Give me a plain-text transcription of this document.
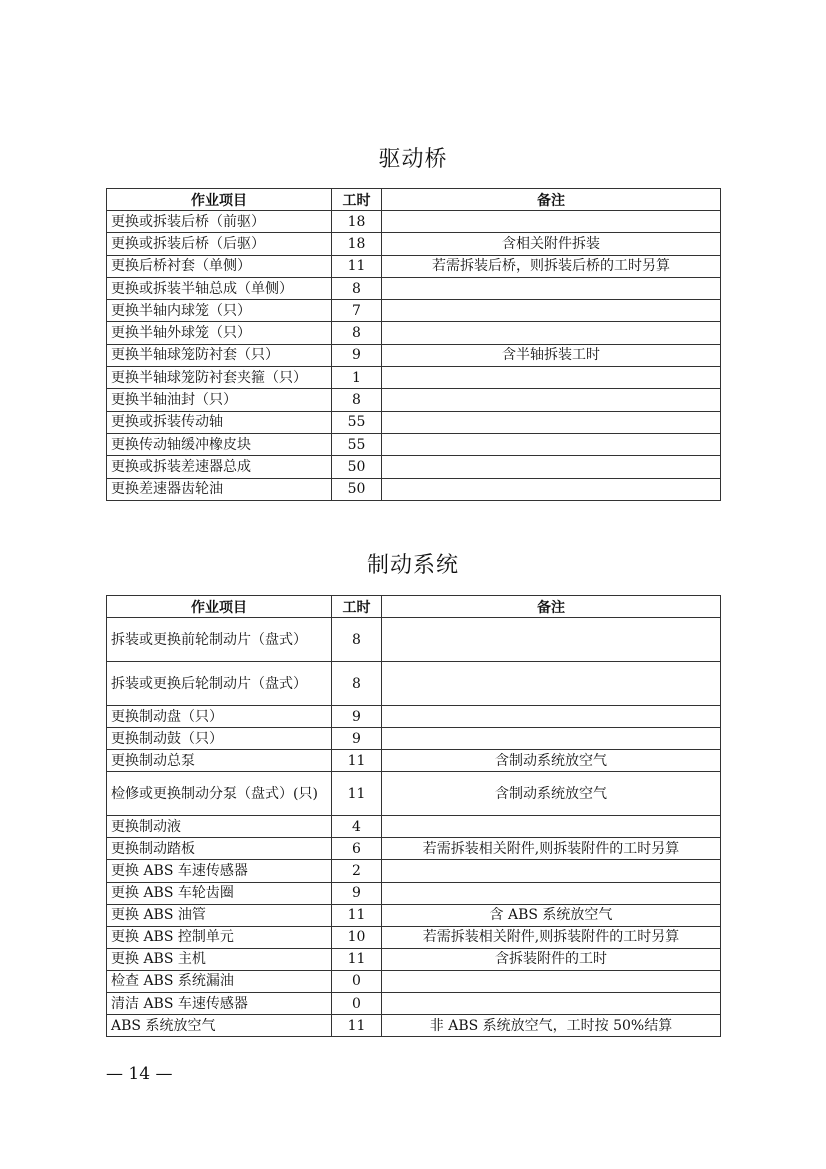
驱动桥
作业项目	工时	备注
更换或拆装后桥（前驱）	18	
更换或拆装后桥（后驱）	18	含相关附件拆装
更换后桥衬套（单侧）	11	若需拆装后桥，则拆装后桥的工时另算
更换或拆装半轴总成（单侧）	8	
更换半轴内球笼（只）	7	
更换半轴外球笼（只）	8	
更换半轴球笼防衬套（只）	9	含半轴拆装工时
更换半轴球笼防衬套夹箍（只）	1	
更换半轴油封（只）	8	
更换或拆装传动轴	55	
更换传动轴缓冲橡皮块	55	
更换或拆装差速器总成	50	
更换差速器齿轮油	50	
制动系统
作业项目	工时	备注
拆装或更换前轮制动片（盘式）	8	
拆装或更换后轮制动片（盘式）	8	
更换制动盘（只）	9	
更换制动鼓（只）	9	
更换制动总泵	11	含制动系统放空气
检修或更换制动分泵（盘式）(只)	11	含制动系统放空气
更换制动液	4	
更换制动踏板	6	若需拆装相关附件,则拆装附件的工时另算
更换 ABS 车速传感器	2	
更换 ABS 车轮齿圈	9	
更换 ABS 油管	11	含 ABS 系统放空气
更换 ABS 控制单元	10	若需拆装相关附件,则拆装附件的工时另算
更换 ABS 主机	11	含拆装附件的工时
检查 ABS 系统漏油	0	
清洁 ABS 车速传感器	0	
ABS 系统放空气	11	非 ABS 系统放空气，工时按 50%结算
— 14 —
